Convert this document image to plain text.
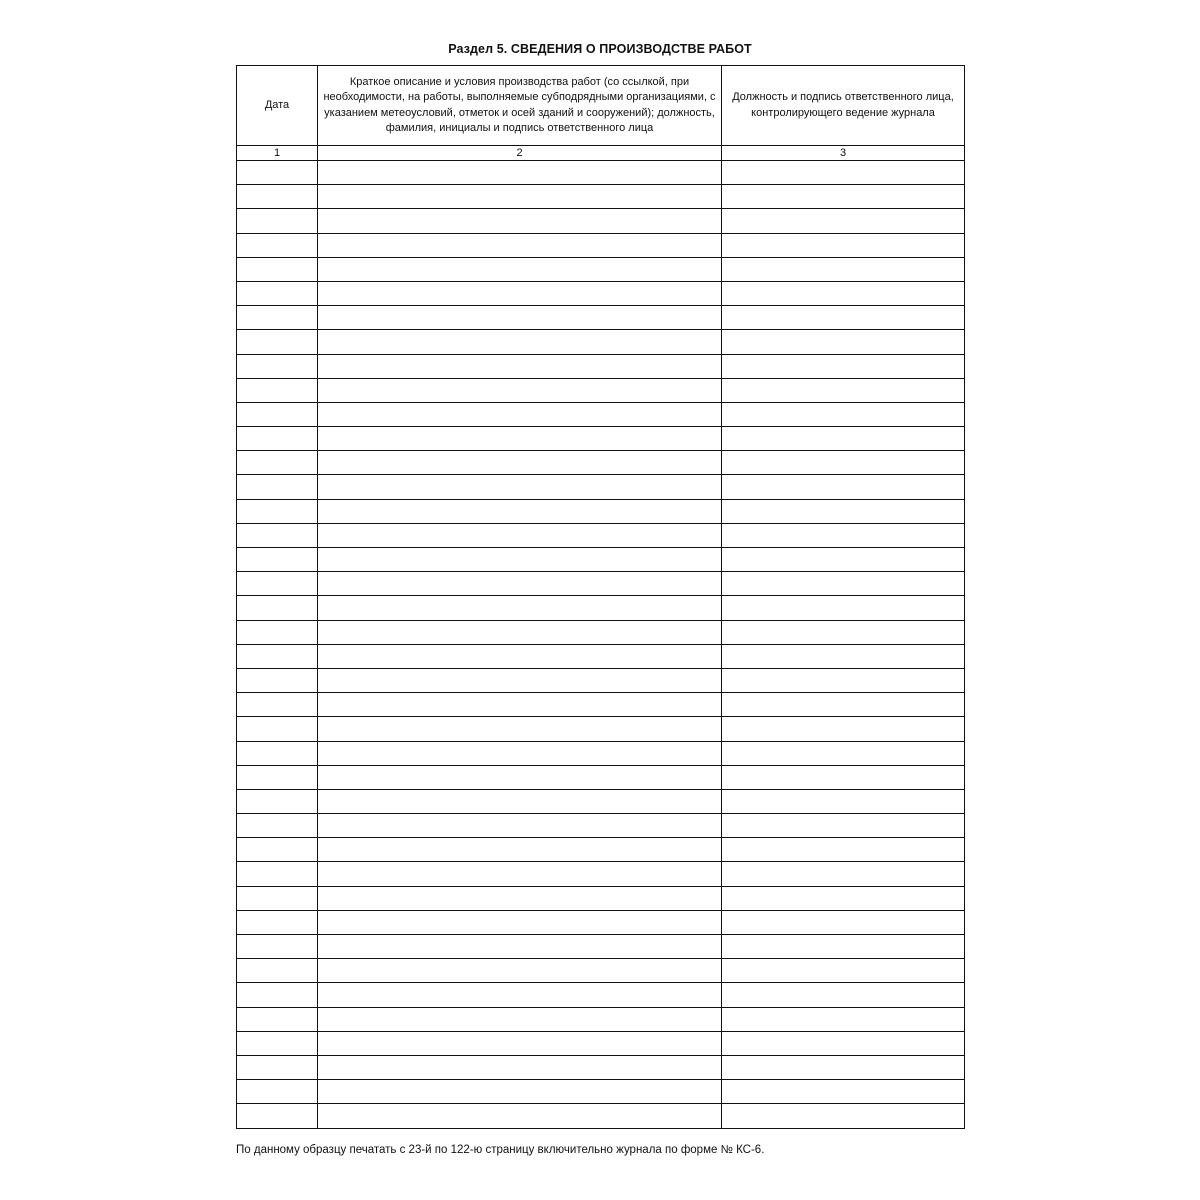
Раздел 5. СВЕДЕНИЯ О ПРОИЗВОДСТВЕ РАБОТ
Дата	Краткое описание и условия производства работ (со ссылкой, при необходимости, на работы, выполняемые субподрядными организациями, с указанием метеоусловий, отметок и осей зданий и сооружений); должность, фамилия, инициалы и подпись ответственного лица	Должность и подпись ответственного лица, контролирующего ведение журнала
1	2	3

По данному образцу печатать с 23-й по 122-ю страницу включительно журнала по форме № КС-6.
